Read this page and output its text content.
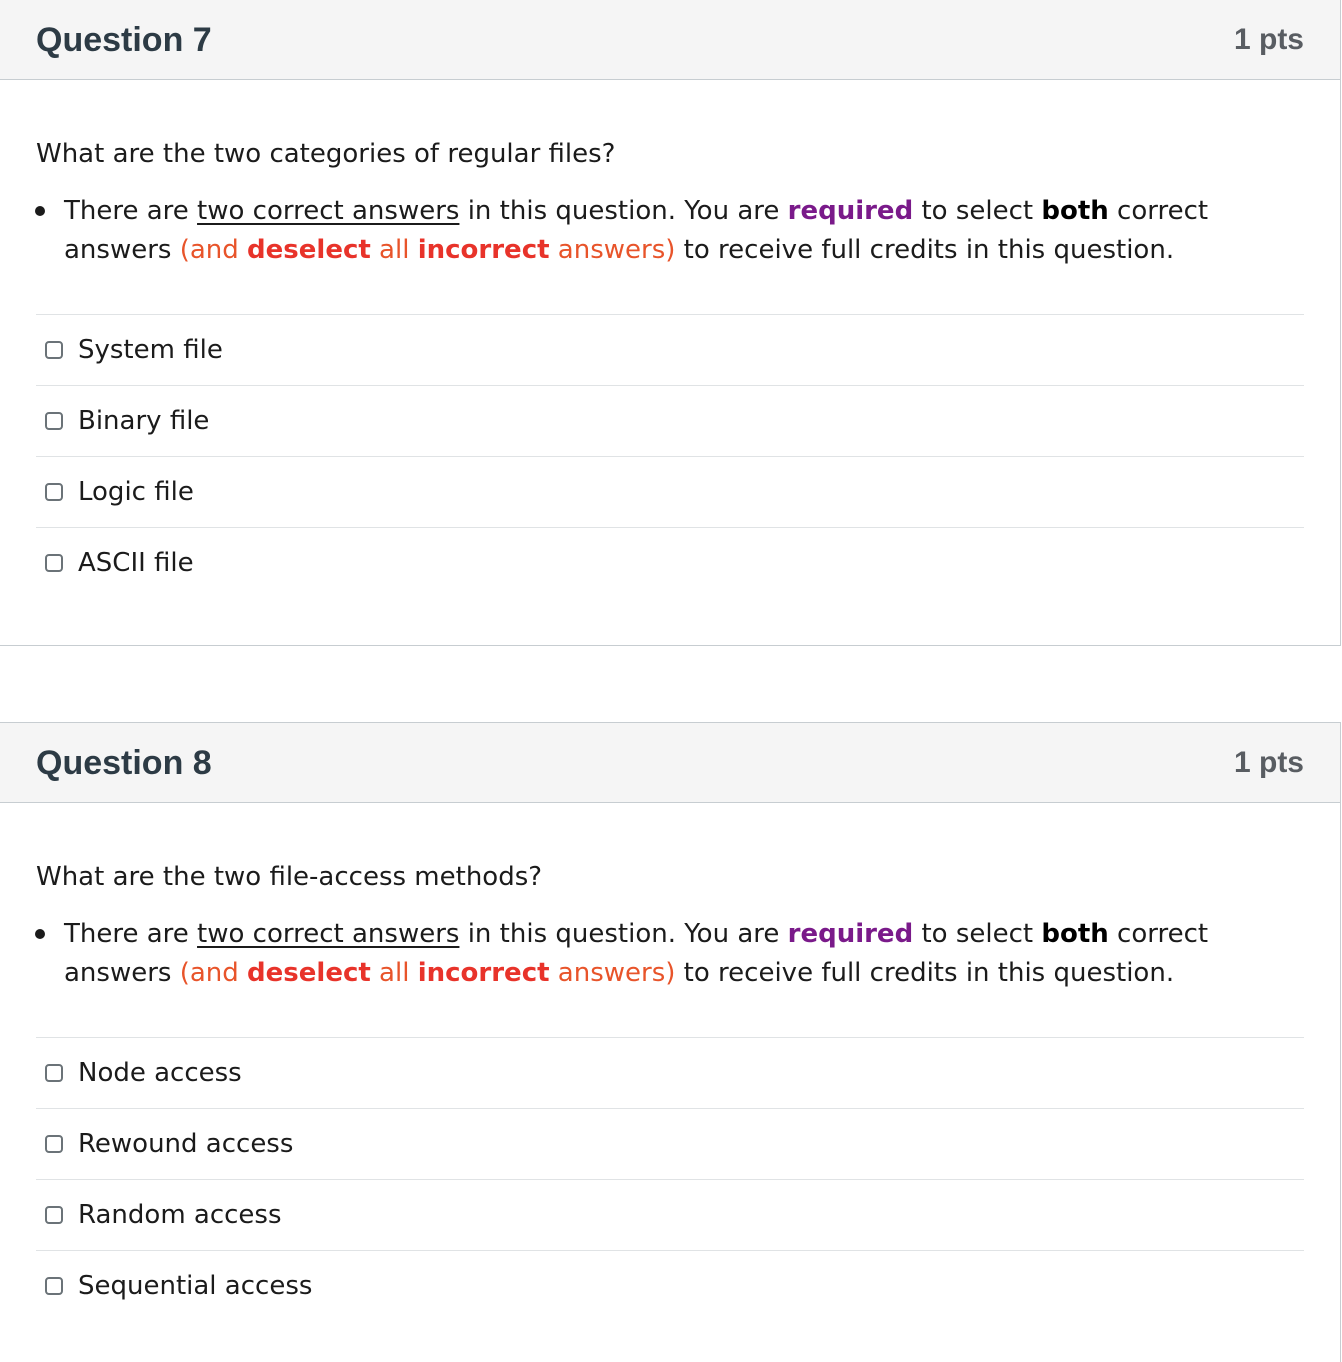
Question 7	1 pts

What are the two categories of regular files?

There are two correct answers in this question. You are required to select both correct answers (and deselect all incorrect answers) to receive full credits in this question.
System file
Binary file
Logic file
ASCII file
Question 8	1 pts

What are the two file-access methods?

There are two correct answers in this question. You are required to select both correct answers (and deselect all incorrect answers) to receive full credits in this question.
Node access
Rewound access
Random access
Sequential access
